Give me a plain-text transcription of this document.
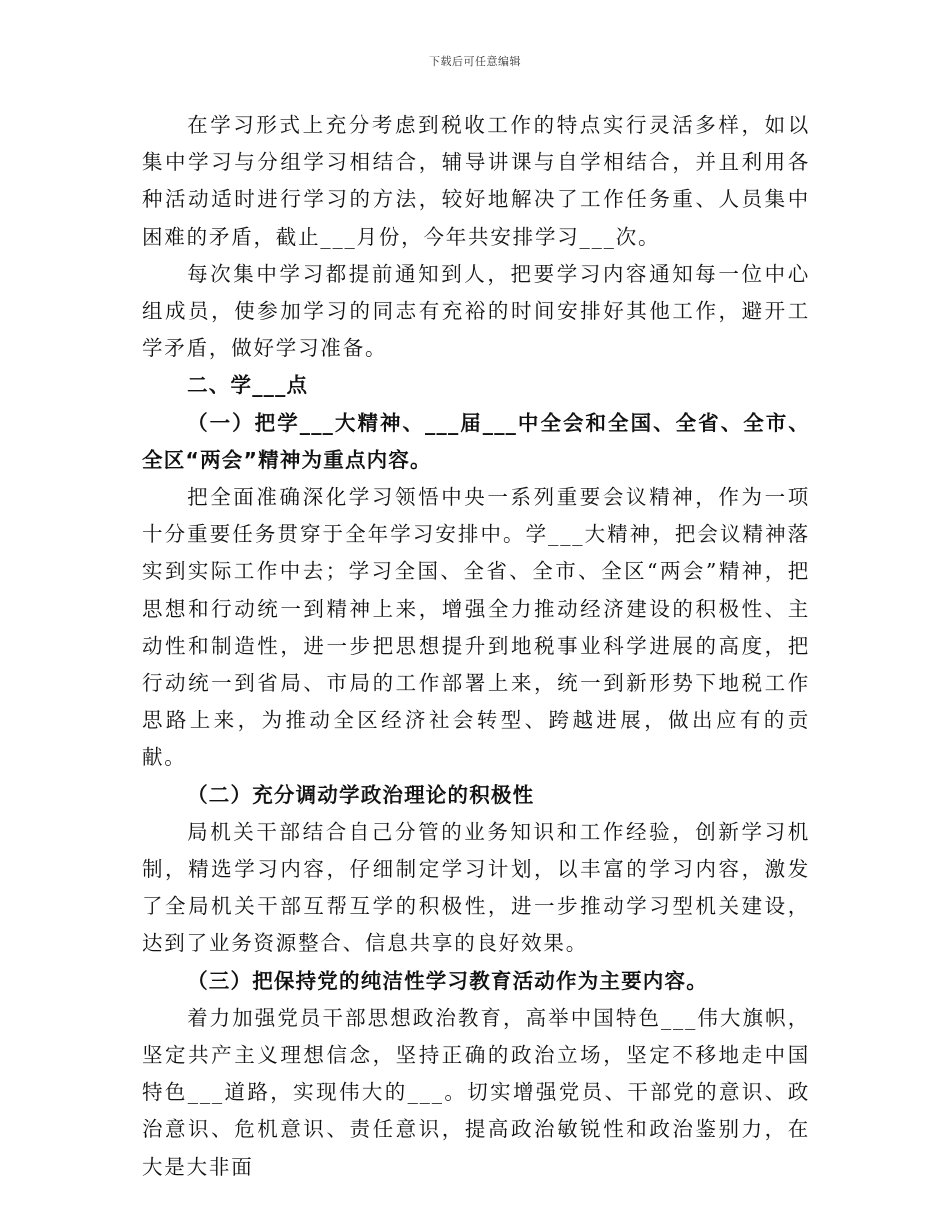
下载后可任意编辑

在学习形式上充分考虑到税收工作的特点实行灵活多样，如以集中学习与分组学习相结合，辅导讲课与自学相结合，并且利用各种活动适时进行学习的方法，较好地解决了工作任务重、人员集中困难的矛盾，截止___月份，今年共安排学习___次。

每次集中学习都提前通知到人，把要学习内容通知每一位中心组成员，使参加学习的同志有充裕的时间安排好其他工作，避开工学矛盾，做好学习准备。

二、学___点

（一）把学___大精神、___届___中全会和全国、全省、全市、全区“两会”精神为重点内容。

把全面准确深化学习领悟中央一系列重要会议精神，作为一项十分重要任务贯穿于全年学习安排中。学___大精神，把会议精神落实到实际工作中去；学习全国、全省、全市、全区“两会”精神，把思想和行动统一到精神上来，增强全力推动经济建设的积极性、主动性和制造性，进一步把思想提升到地税事业科学进展的高度，把行动统一到省局、市局的工作部署上来，统一到新形势下地税工作思路上来，为推动全区经济社会转型、跨越进展，做出应有的贡献。

（二）充分调动学政治理论的积极性

局机关干部结合自己分管的业务知识和工作经验，创新学习机制，精选学习内容，仔细制定学习计划，以丰富的学习内容，激发了全局机关干部互帮互学的积极性，进一步推动学习型机关建设，达到了业务资源整合、信息共享的良好效果。

（三）把保持党的纯洁性学习教育活动作为主要内容。

着力加强党员干部思想政治教育，高举中国特色___伟大旗帜，坚定共产主义理想信念，坚持正确的政治立场，坚定不移地走中国特色___道路，实现伟大的___。切实增强党员、干部党的意识、政治意识、危机意识、责任意识，提高政治敏锐性和政治鉴别力，在大是大非面
